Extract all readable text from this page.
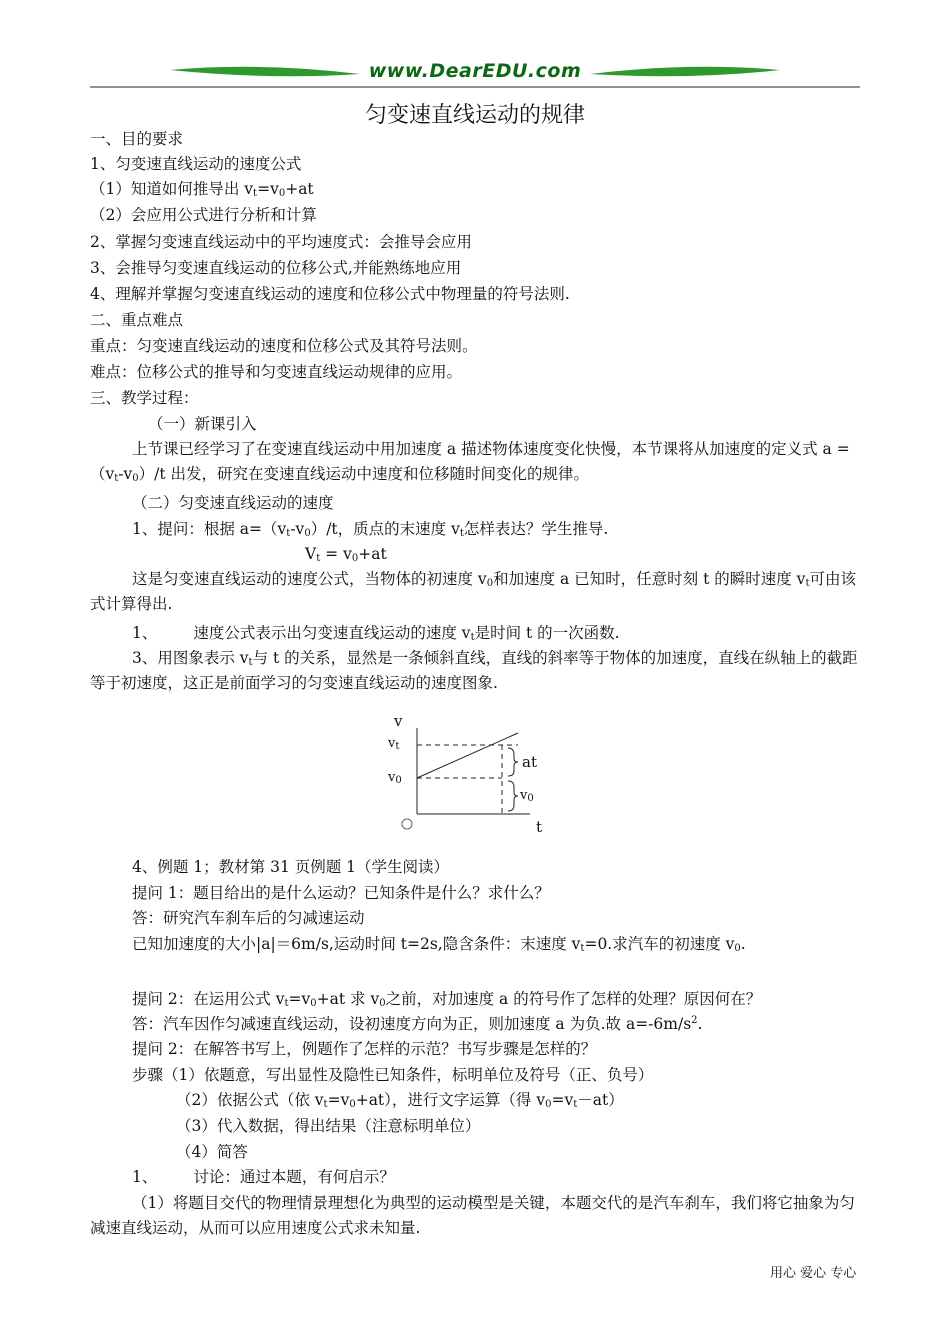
www.DearEDU.com
匀变速直线运动的规律
一、目的要求
1、匀变速直线运动的速度公式
（1）知道如何推导出 $v_t=v_0+at$
（2）会应用公式进行分析和计算
2、掌握匀变速直线运动中的平均速度式：会推导会应用
3、会推导匀变速直线运动的位移公式,并能熟练地应用
4、理解并掌握匀变速直线运动的速度和位移公式中物理量的符号法则.
二、重点难点
重点：匀变速直线运动的速度和位移公式及其符号法则。
难点：位移公式的推导和匀变速直线运动规律的应用。
三、教学过程：
（一）新课引入
上节课已经学习了在变速直线运动中用加速度 a 描述物体速度变化快慢，本节课将从加速度的定义式 $a =(v_t-v_0)/t$ 出发，研究在变速直线运动中速度和位移随时间变化的规律。
（二）匀变速直线运动的速度
1、提问：根据 $a=(v_t-v_0)/t$，质点的末速度 $v_t$怎样表达？学生推导.
$V_t = v_0+at$
这是匀变速直线运动的速度公式，当物体的初速度 $v_0$和加速度 a 已知时，任意时刻 t 的瞬时速度 $v_t$可由该式计算得出.
1、 速度公式表示出匀变速直线运动的速度 $v_t$是时间 t 的一次函数.
3、用图象表示 $v_t$与 t 的关系，显然是一条倾斜直线，直线的斜率等于物体的加速度，直线在纵轴上的截距等于初速度，这正是前面学习的匀变速直线运动的速度图象.
v
t
$v_t$
$v_0$
at
$v_0$
4、例题 1；教材第 31 页例题 1（学生阅读）
提问 1：题目给出的是什么运动？已知条件是什么？求什么？
答：研究汽车刹车后的匀减速运动
已知加速度的大小|a|＝6m/s,运动时间 t=2s,隐含条件：末速度 $v_t=0$.求汽车的初速度 $v_0$.
提问 2：在运用公式 $v_t=v_0+at$ 求 $v_0$之前，对加速度 a 的符号作了怎样的处理？原因何在？
答：汽车因作匀减速直线运动，设初速度方向为正，则加速度 a 为负.故 $a=-6m/s^2$.
提问 2：在解答书写上，例题作了怎样的示范？书写步骤是怎样的？
步骤（1）依题意，写出显性及隐性已知条件，标明单位及符号（正、负号）
（2）依据公式（依 $v_t=v_0+at$），进行文字运算（得 $v_0=v_t-at$）
（3）代入数据，得出结果（注意标明单位）
（4）简答
1、 讨论：通过本题，有何启示？
（1）将题目交代的物理情景理想化为典型的运动模型是关键，本题交代的是汽车刹车，我们将它抽象为匀减速直线运动，从而可以应用速度公式求未知量.
用心 爱心 专心
